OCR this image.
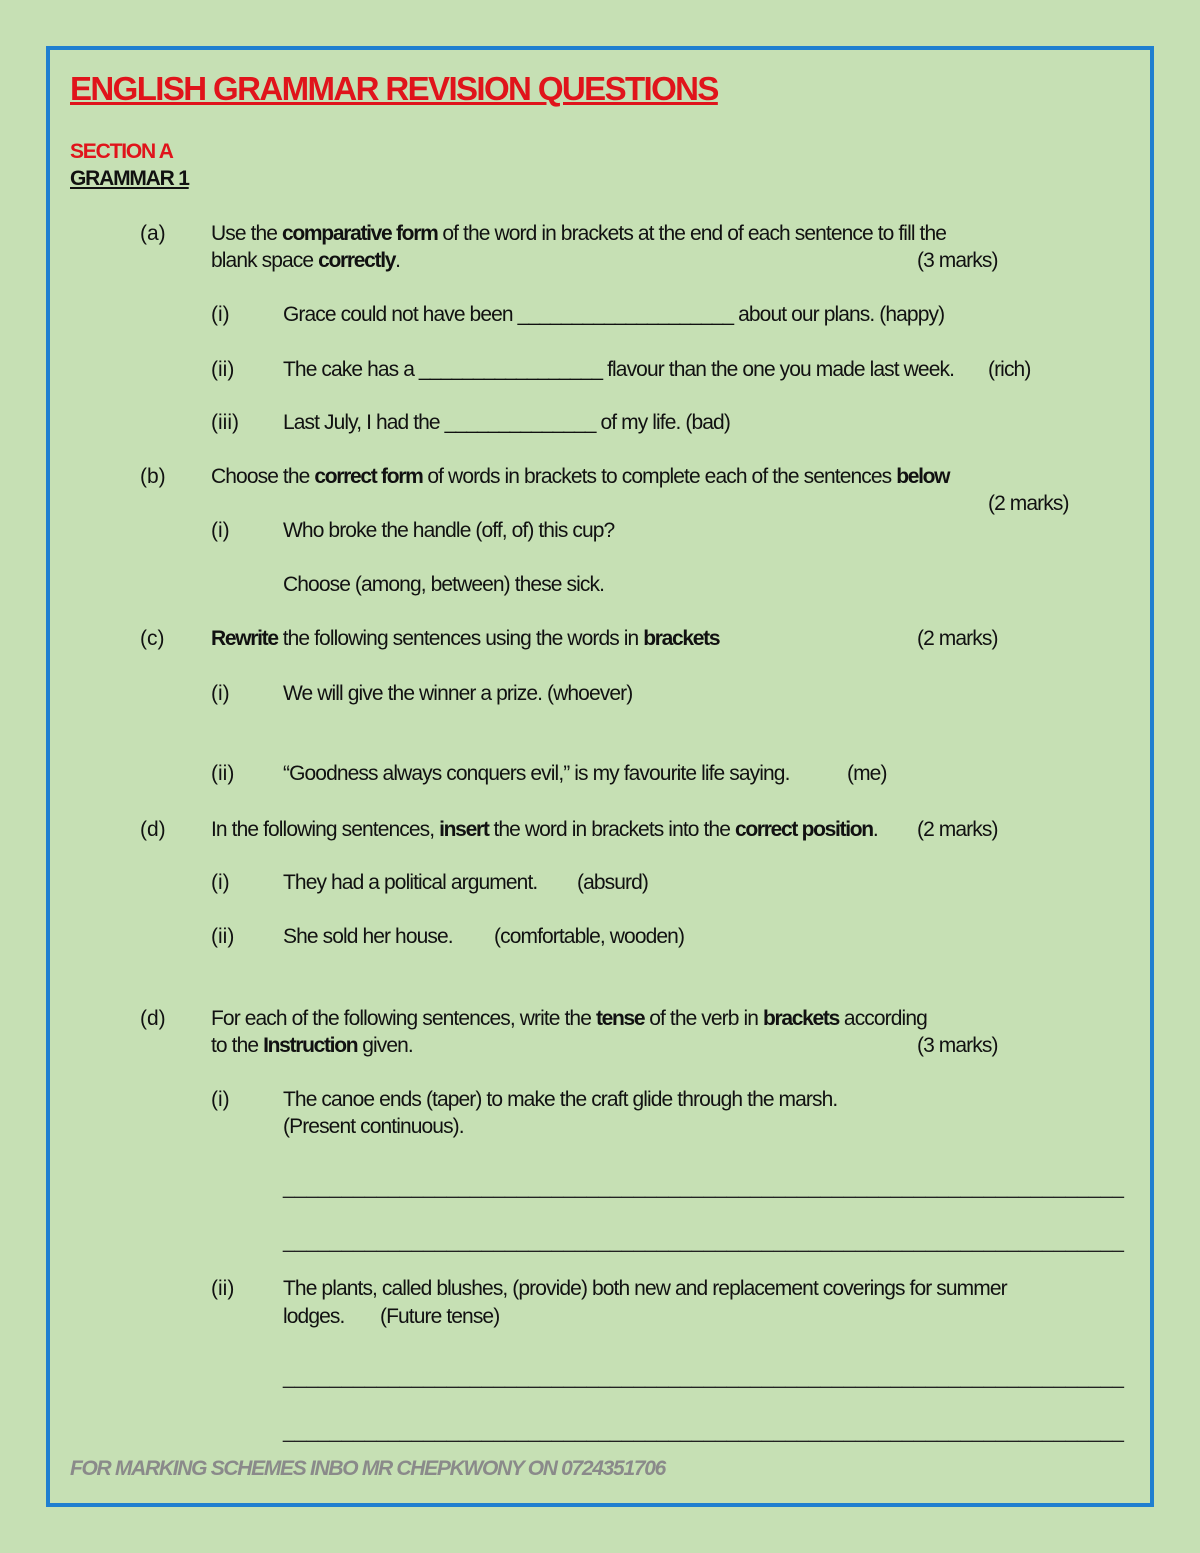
ENGLISH GRAMMAR REVISION QUESTIONS
SECTION A
GRAMMAR 1
(a) Use the comparative form of the word in brackets at the end of each sentence to fill the
blank space correctly.	(3 marks)
(i)	Grace could not have been ____________________ about our plans. (happy)
(ii) The cake has a _________________ flavour than the one you made last week. (rich)
(iii) Last July, I had the ______________ of my life. (bad)
(b) Choose the correct form of words in brackets to complete each of the sentences below
(2 marks)
(i)	Who broke the handle (off, of) this cup?
Choose (among, between) these sick.
(c) Rewrite the following sentences using the words in brackets	(2 marks)
(i)	We will give the winner a prize. (whoever)
(ii) “Goodness always conquers evil,” is my favourite life saying.	(me)
(d) In the following sentences, insert the word in brackets into the correct position. (2 marks)
(i)	They had a political argument. (absurd)
(ii) She sold her house. (comfortable, wooden)
(d) For each of the following sentences, write the tense of the verb in brackets according
to the Instruction given.	(3 marks)
(i)	The canoe ends (taper) to make the craft glide through the marsh.
(Present continuous).
________________________________________________________________________
________________________________________________________________________
(ii) The plants, called blushes, (provide) both new and replacement coverings for summer
lodges. (Future tense)
________________________________________________________________________
________________________________________________________________________
FOR MARKING SCHEMES INBO MR CHEPKWONY ON 0724351706
